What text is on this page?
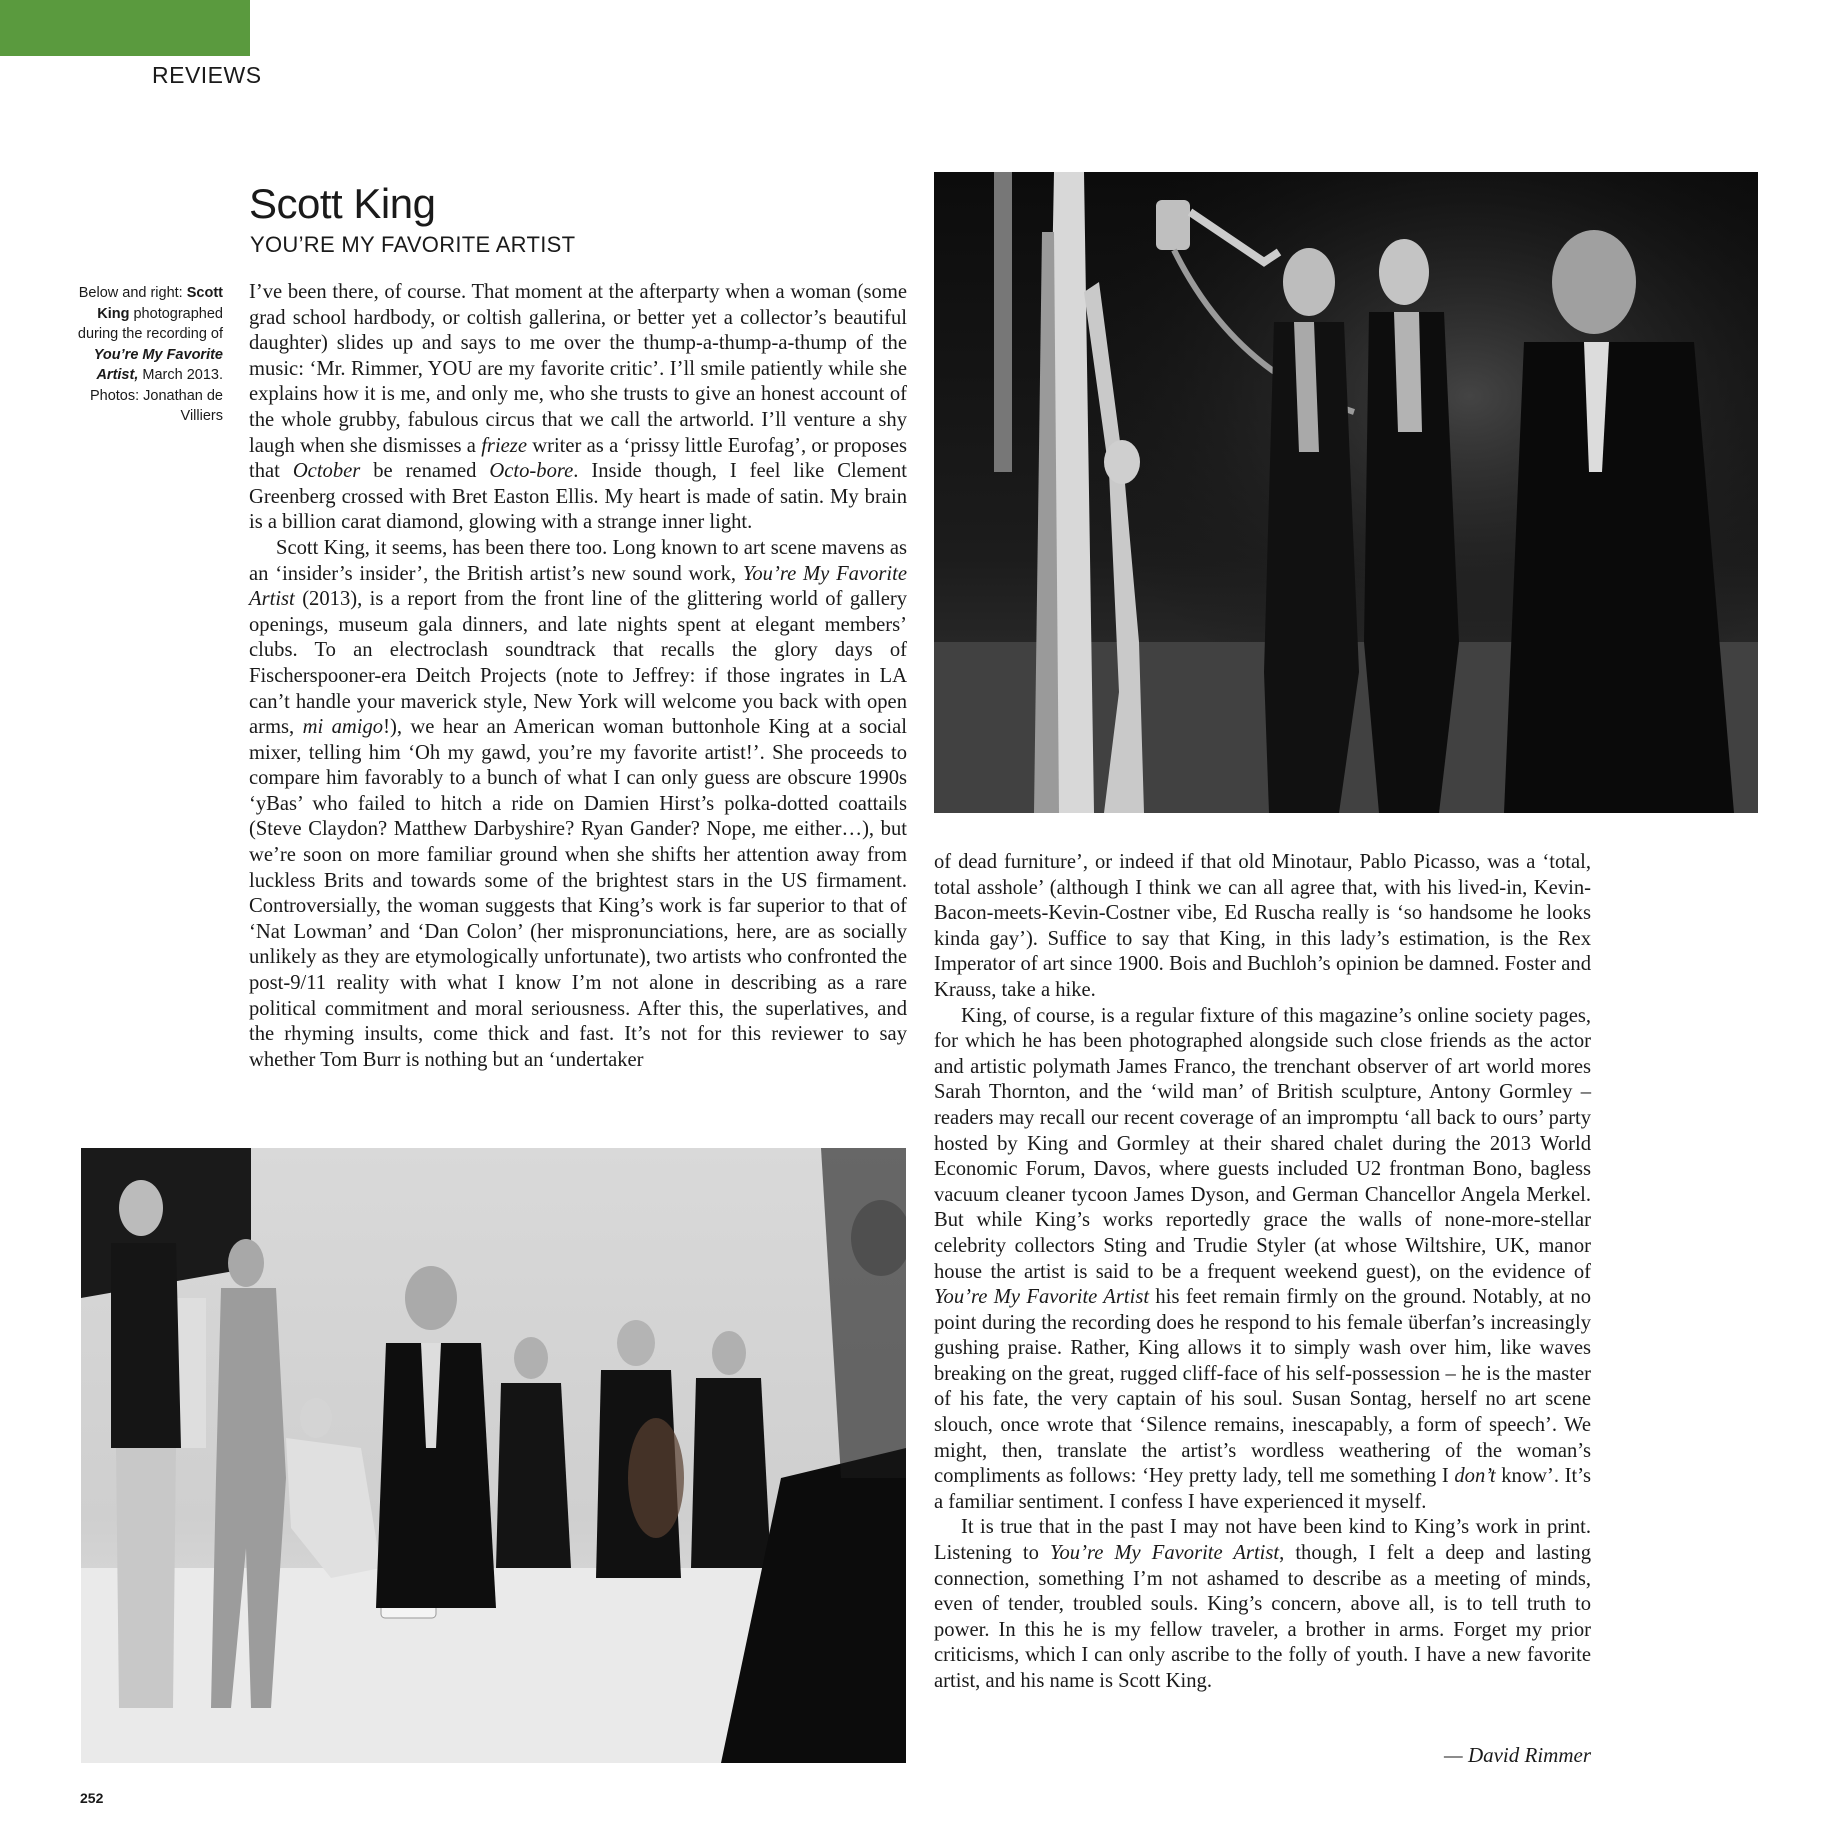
REVIEWS
Scott King
YOU’RE MY FAVORITE ARTIST
Below and right: Scott King photographed during the recording of You’re My Favorite Artist, March 2013. Photos: Jonathan de Villiers

I’ve been there, of course. That moment at the afterparty when a woman (some grad school hardbody, or coltish gallerina, or better yet a collector’s beautiful daughter) slides up and says to me over the thump-a-thump-a-thump of the music: ‘Mr. Rimmer, YOU are my favorite critic’. I’ll smile patiently while she explains how it is me, and only me, who she trusts to give an honest account of the whole grubby, fabulous circus that we call the artworld. I’ll venture a shy laugh when she dismisses a frieze writer as a ‘prissy little Eurofag’, or proposes that October be renamed Octo-bore. Inside though, I feel like Clement Greenberg crossed with Bret Easton Ellis. My heart is made of satin. My brain is a billion carat diamond, glowing with a strange inner light.

Scott King, it seems, has been there too. Long known to art scene mavens as an ‘insider’s insider’, the British artist’s new sound work, You’re My Favorite Artist (2013), is a report from the front line of the glittering world of gallery openings, museum gala dinners, and late nights spent at elegant members’ clubs. To an electroclash soundtrack that recalls the glory days of Fischerspooner-era Deitch Projects (note to Jeffrey: if those ingrates in LA can’t handle your maverick style, New York will welcome you back with open arms, mi amigo!), we hear an American woman buttonhole King at a social mixer, telling him ‘Oh my gawd, you’re my favorite artist!’. She proceeds to compare him favorably to a bunch of what I can only guess are obscure 1990s ‘yBas’ who failed to hitch a ride on Damien Hirst’s polka-dotted coattails (Steve Claydon? Matthew Darbyshire? Ryan Gander? Nope, me either…), but we’re soon on more familiar ground when she shifts her attention away from luckless Brits and towards some of the brightest stars in the US firmament. Controversially, the woman suggests that King’s work is far superior to that of ‘Nat Lowman’ and ‘Dan Colon’ (her mispronunciations, here, are as socially unlikely as they are etymologically unfortunate), two artists who confronted the post-9/11 reality with what I know I’m not alone in describing as a rare political commitment and moral seriousness. After this, the superlatives, and the rhyming insults, come thick and fast. It’s not for this reviewer to say whether Tom Burr is nothing but an ‘undertaker

of dead furniture’, or indeed if that old Minotaur, Pablo Picasso, was a ‘total, total asshole’ (although I think we can all agree that, with his lived-in, Kevin-Bacon-meets-Kevin-Costner vibe, Ed Ruscha really is ‘so handsome he looks kinda gay’). Suffice to say that King, in this lady’s estimation, is the Rex Imperator of art since 1900. Bois and Buchloh’s opinion be damned. Foster and Krauss, take a hike.

King, of course, is a regular fixture of this magazine’s online society pages, for which he has been photographed alongside such close friends as the actor and artistic polymath James Franco, the trenchant observer of art world mores Sarah Thornton, and the ‘wild man’ of British sculpture, Antony Gormley – readers may recall our recent coverage of an impromptu ‘all back to ours’ party hosted by King and Gormley at their shared chalet during the 2013 World Economic Forum, Davos, where guests included U2 frontman Bono, bagless vacuum cleaner tycoon James Dyson, and German Chancellor Angela Merkel. But while King’s works reportedly grace the walls of none-more-stellar celebrity collectors Sting and Trudie Styler (at whose Wiltshire, UK, manor house the artist is said to be a frequent weekend guest), on the evidence of You’re My Favorite Artist his feet remain firmly on the ground. Notably, at no point during the recording does he respond to his female überfan’s increasingly gushing praise. Rather, King allows it to simply wash over him, like waves breaking on the great, rugged cliff-face of his self-possession – he is the master of his fate, the very captain of his soul. Susan Sontag, herself no art scene slouch, once wrote that ‘Silence remains, inescapably, a form of speech’. We might, then, translate the artist’s wordless weathering of the woman’s compliments as follows: ‘Hey pretty lady, tell me something I don’t know’. It’s a familiar sentiment. I confess I have experienced it myself.

It is true that in the past I may not have been kind to King’s work in print. Listening to You’re My Favorite Artist, though, I felt a deep and lasting connection, something I’m not ashamed to describe as a meeting of minds, even of tender, troubled souls. King’s concern, above all, is to tell truth to power. In this he is my fellow traveler, a brother in arms. Forget my prior criticisms, which I can only ascribe to the folly of youth. I have a new favorite artist, and his name is Scott King.

— David Rimmer
252
